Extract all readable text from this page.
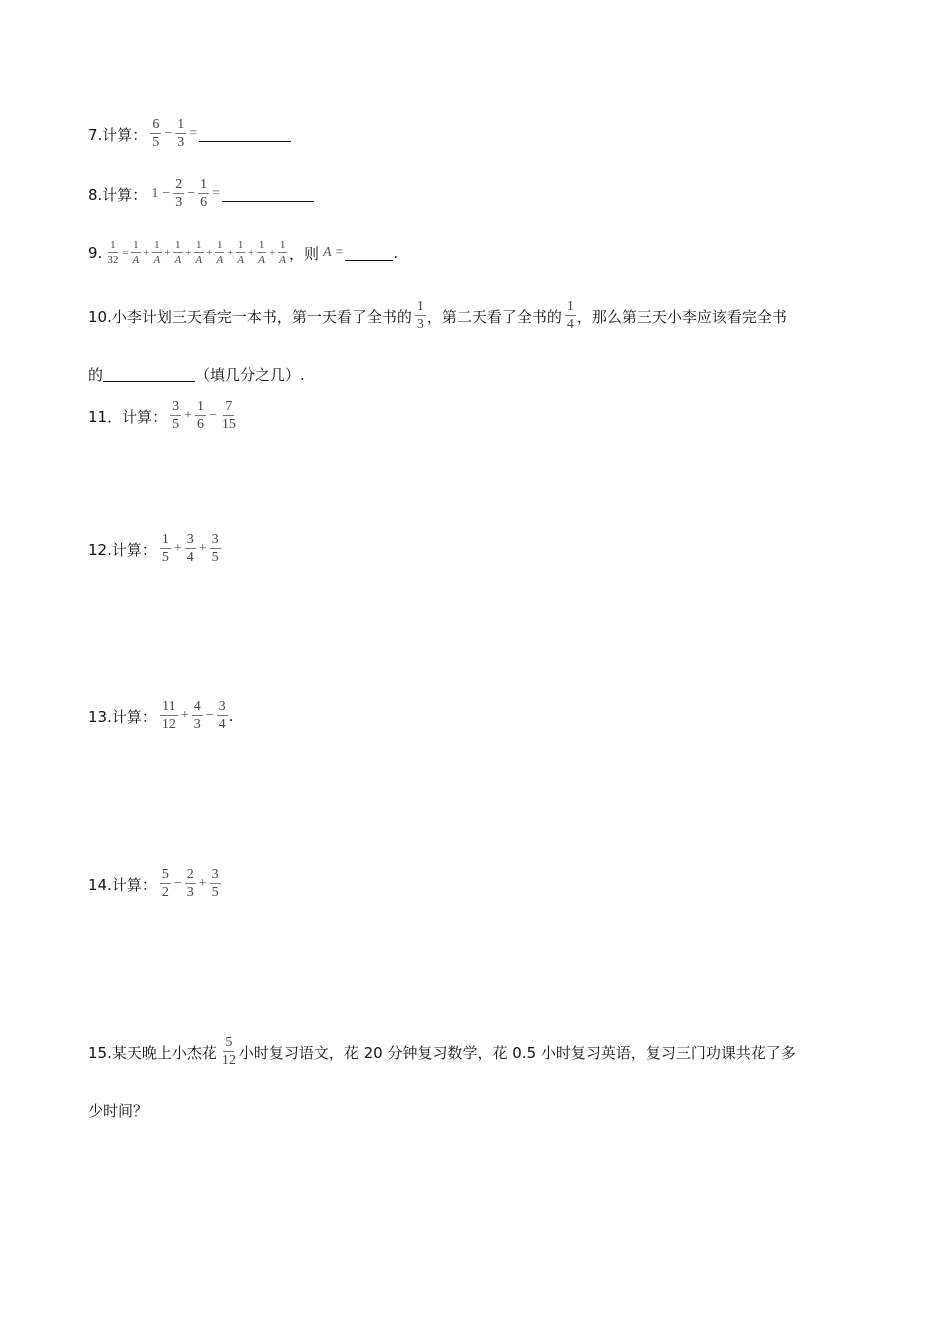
7.计算： $\frac{6}{5} - \frac{1}{3}$ =
8.计算： $1 - \frac{2}{3} - \frac{1}{6}$ =
9. $\frac{1}{32} = \frac{1}{A} + \frac{1}{A} + \frac{1}{A} + \frac{1}{A} + \frac{1}{A} + \frac{1}{A} + \frac{1}{A} + \frac{1}{A}$ ，则 A =	.
10.小李计划三天看完一本书，第一天看了全书的 $\frac{1}{3}$ ，第二天看了全书的 $\frac{1}{4}$ ，那么第三天小李应该看完全书
的	（填几分之几）.
11．计算： $\frac{3}{5} + \frac{1}{6} - \frac{7}{15}$
12.计算： $\frac{1}{5} + \frac{3}{4} + \frac{3}{5}$
13.计算： $\frac{11}{12} + \frac{4}{3} - \frac{3}{4}$ .
14.计算： $\frac{5}{2} - \frac{2}{3} + \frac{3}{5}$
15.某天晚上小杰花 $\frac{5}{12}$ 小时复习语文，花 20 分钟复习数学，花 0.5 小时复习英语，复习三门功课共花了多
少时间？
